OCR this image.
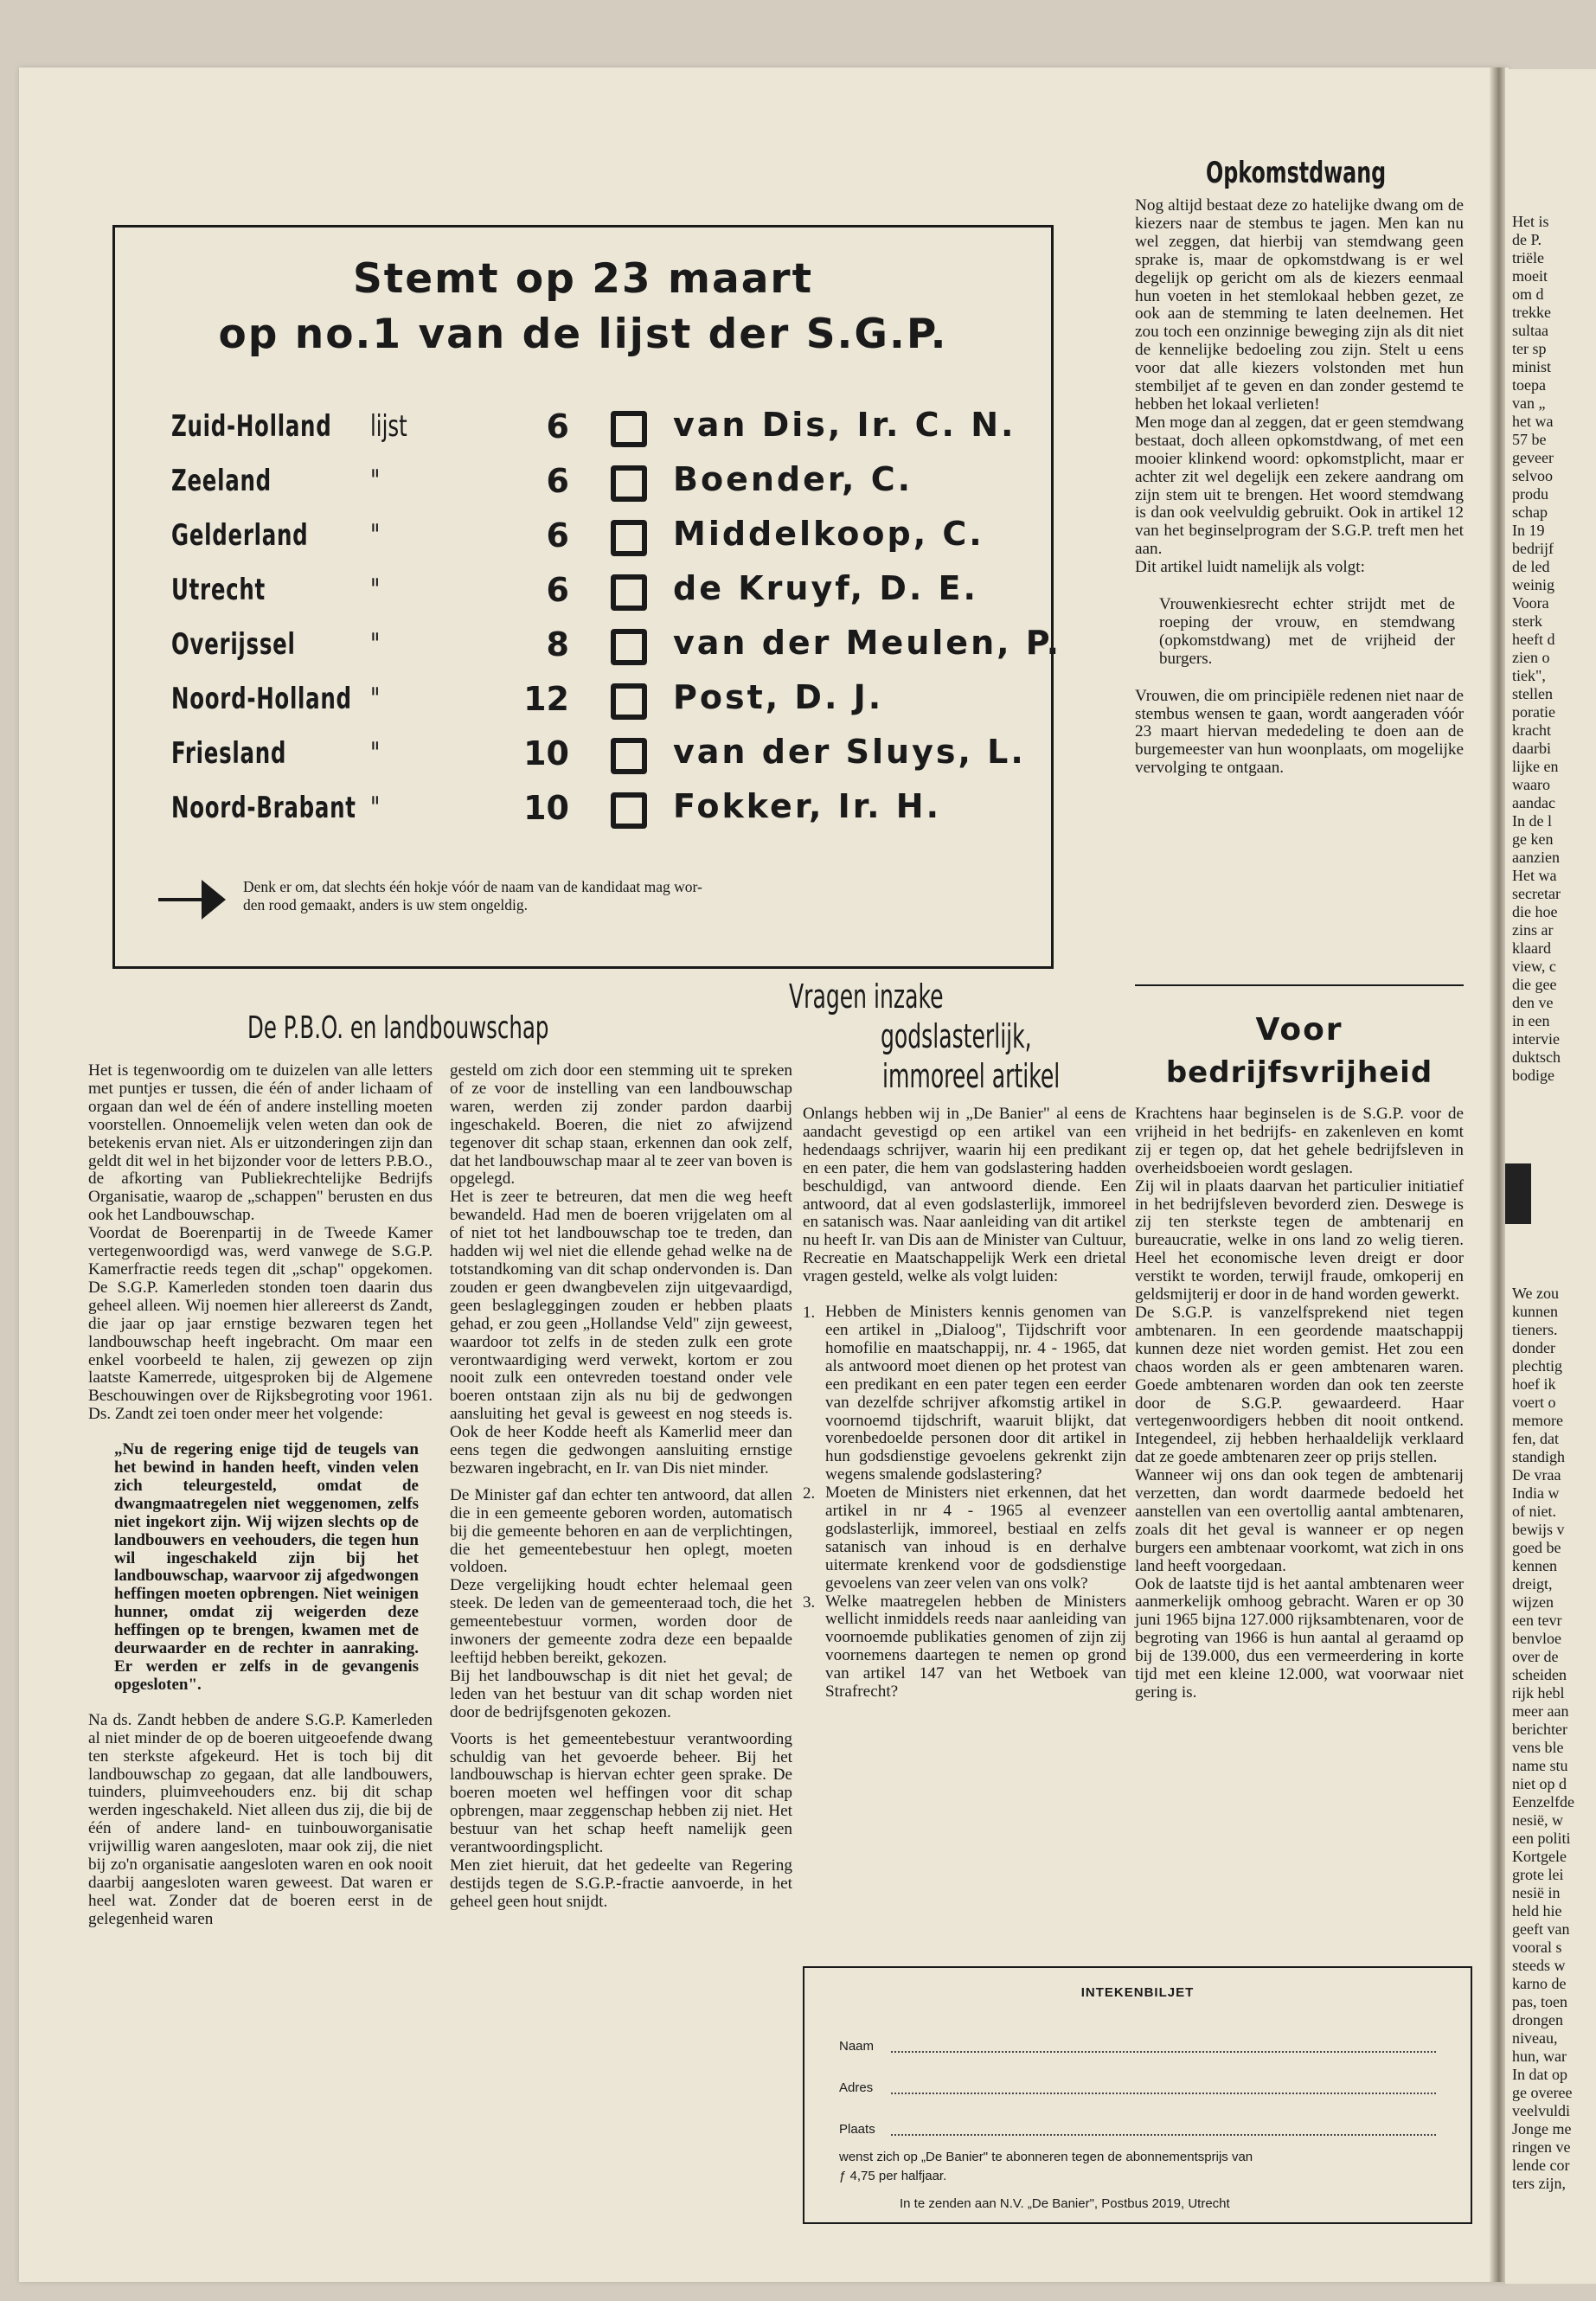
Stemt op 23 maart
op no.1 van de lijst der S.G.P.
Zuid-Holland lijst	6	van Dis, Ir. C. N.
Zeeland	"	6	Boender, C.
Gelderland "	6	Middelkoop, C.
Utrecht	"	6	de Kruyf, D. E.
Overijssel	"	8	van der Meulen, P.
Noord-Holland "	12	Post, D. J.
Friesland	"	10	van der Sluys, L.
Noord-Brabant "	10	Fokker, Ir. H.
Denk er om, dat slechts één hokje vóór de naam van de kandidaat mag wor-
den rood gemaakt, anders is uw stem ongeldig.
Opkomstdwang

Nog altijd bestaat deze zo hatelijke dwang om de kiezers naar de stembus te jagen. Men kan nu wel zeggen, dat hierbij van stemdwang geen sprake is, maar de opkomstdwang is er wel degelijk op gericht om als de kiezers eenmaal hun voeten in het stemlokaal hebben gezet, ze ook aan de stemming te laten deelnemen. Het zou toch een onzinnige beweging zijn als dit niet de kennelijke bedoeling zou zijn. Stelt u eens voor dat alle kiezers volstonden met hun stembiljet af te geven en dan zonder gestemd te hebben het lokaal verlieten!

Men moge dan al zeggen, dat er geen stemdwang bestaat, doch alleen opkomstdwang, of met een mooier klinkend woord: opkomstplicht, maar er achter zit wel degelijk een zekere aandrang om zijn stem uit te brengen. Het woord stemdwang is dan ook veelvuldig gebruikt. Ook in artikel 12 van het beginselprogram der S.G.P. treft men het aan.

Dit artikel luidt namelijk als volgt:

Vrouwenkiesrecht echter strijdt met de roeping der vrouw, en stemdwang (opkomstdwang) met de vrijheid der burgers.

Vrouwen, die om principiële redenen niet naar de stembus wensen te gaan, wordt aangeraden vóór 23 maart hiervan mededeling te doen aan de burgemeester van hun woonplaats, om mogelijke vervolging te ontgaan.

De P.B.O. en landbouwschap

Het is tegenwoordig om te duizelen van alle letters met puntjes er tussen, die één of ander lichaam of orgaan dan wel de één of andere instelling moeten voorstellen. Onnoemelijk velen weten dan ook de betekenis ervan niet. Als er uitzonderingen zijn dan geldt dit wel in het bijzonder voor de letters P.B.O., de afkorting van Publiekrechtelijke Bedrijfs Organisatie, waarop de „schappen" berusten en dus ook het Landbouwschap.

Voordat de Boerenpartij in de Tweede Kamer vertegenwoordigd was, werd vanwege de S.G.P. Kamerfractie reeds tegen dit „schap" opgekomen. De S.G.P. Kamerleden stonden toen daarin dus geheel alleen. Wij noemen hier allereerst ds Zandt, die jaar op jaar ernstige bezwaren tegen het landbouwschap heeft ingebracht. Om maar een enkel voorbeeld te halen, zij gewezen op zijn laatste Kamerrede, uitgesproken bij de Algemene Beschouwingen over de Rijksbegroting voor 1961. Ds. Zandt zei toen onder meer het volgende:

„Nu de regering enige tijd de teugels van het bewind in handen heeft, vinden velen zich teleurgesteld, omdat de dwangmaatregelen niet weggenomen, zelfs niet ingekort zijn. Wij wijzen slechts op de landbouwers en veehouders, die tegen hun wil ingeschakeld zijn bij het landbouwschap, waarvoor zij afgedwongen heffingen moeten opbrengen. Niet weinigen hunner, omdat zij weigerden deze heffingen op te brengen, kwamen met de deurwaarder en de rechter in aanraking. Er werden er zelfs in de gevangenis opgesloten".

Na ds. Zandt hebben de andere S.G.P. Kamerleden al niet minder de op de boeren uitgeoefende dwang ten sterkste afgekeurd. Het is toch bij dit landbouwschap zo gegaan, dat alle landbouwers, tuinders, pluimveehouders enz. bij dit schap werden ingeschakeld. Niet alleen dus zij, die bij de één of andere land- en tuinbouworganisatie vrijwillig waren aangesloten, maar ook zij, die niet bij zo'n organisatie aangesloten waren en ook nooit daarbij aangesloten waren geweest. Dat waren er heel wat. Zonder dat de boeren eerst in de gelegenheid waren

gesteld om zich door een stemming uit te spreken of ze voor de instelling van een landbouwschap waren, werden zij zonder pardon daarbij ingeschakeld. Boeren, die niet zo afwijzend tegenover dit schap staan, erkennen dan ook zelf, dat het landbouwschap maar al te zeer van boven is opgelegd.

Het is zeer te betreuren, dat men die weg heeft bewandeld. Had men de boeren vrijgelaten om al of niet tot het landbouwschap toe te treden, dan hadden wij wel niet die ellende gehad welke na de totstandkoming van dit schap ondervonden is. Dan zouden er geen dwangbevelen zijn uitgevaardigd, geen beslagleggingen zouden er hebben plaats gehad, er zou geen „Hollandse Veld" zijn geweest, waardoor tot zelfs in de steden zulk een grote verontwaardiging werd verwekt, kortom er zou nooit zulk een ontevreden toestand onder vele boeren ontstaan zijn als nu bij de gedwongen aansluiting het geval is geweest en nog steeds is. Ook de heer Kodde heeft als Kamerlid meer dan eens tegen die gedwongen aansluiting ernstige bezwaren ingebracht, en Ir. van Dis niet minder.

De Minister gaf dan echter ten antwoord, dat allen die in een gemeente geboren worden, automatisch bij die gemeente behoren en aan de verplichtingen, die het gemeentebestuur hen oplegt, moeten voldoen.

Deze vergelijking houdt echter helemaal geen steek. De leden van de gemeenteraad toch, die het gemeentebestuur vormen, worden door de inwoners der gemeente zodra deze een bepaalde leeftijd hebben bereikt, gekozen.

Bij het landbouwschap is dit niet het geval; de leden van het bestuur van dit schap worden niet door de bedrijfsgenoten gekozen.

Voorts is het gemeentebestuur verantwoording schuldig van het gevoerde beheer. Bij het landbouwschap is hiervan echter geen sprake. De boeren moeten wel heffingen voor dit schap opbrengen, maar zeggenschap hebben zij niet. Het bestuur van het schap heeft namelijk geen verantwoordingsplicht.

Men ziet hieruit, dat het gedeelte van Regering destijds tegen de S.G.P.-fractie aanvoerde, in het geheel geen hout snijdt.

Vragen inzake
godslasterlijk,
immoreel artikel

Onlangs hebben wij in „De Banier" al eens de aandacht gevestigd op een artikel van een hedendaags schrijver, waarin hij een predikant en een pater, die hem van godslastering hadden beschuldigd, van antwoord diende. Een antwoord, dat al even godslasterlijk, immoreel en satanisch was. Naar aanleiding van dit artikel nu heeft Ir. van Dis aan de Minister van Cultuur, Recreatie en Maatschappelijk Werk een drietal vragen gesteld, welke als volgt luiden:

1. Hebben de Ministers kennis genomen van een artikel in „Dialoog", Tijdschrift voor homofilie en maatschappij, nr. 4 - 1965, dat als antwoord moet dienen op het protest van een predikant en een pater tegen een eerder van dezelfde schrijver afkomstig artikel in voornoemd tijdschrift, waaruit blijkt, dat vorenbedoelde personen door dit artikel in hun godsdienstige gevoelens gekrenkt zijn wegens smalende godslastering?

2. Moeten de Ministers niet erkennen, dat het artikel in nr 4 - 1965 al evenzeer godslasterlijk, immoreel, bestiaal en zelfs satanisch van inhoud is en derhalve uitermate krenkend voor de godsdienstige gevoelens van zeer velen van ons volk?

3. Welke maatregelen hebben de Ministers wellicht inmiddels reeds naar aanleiding van voornoemde publikaties genomen of zijn zij voornemens daartegen te nemen op grond van artikel 147 van het Wetboek van Strafrecht?

Voor
bedrijfsvrijheid

Krachtens haar beginselen is de S.G.P. voor de vrijheid in het bedrijfs- en zakenleven en komt zij er tegen op, dat het gehele bedrijfsleven in overheidsboeien wordt geslagen.

Zij wil in plaats daarvan het particulier initiatief in het bedrijfsleven bevorderd zien. Deswege is zij ten sterkste tegen de ambtenarij en bureaucratie, welke in ons land zo welig tieren. Heel het economische leven dreigt er door verstikt te worden, terwijl fraude, omkoperij en geldsmijterij er door in de hand worden gewerkt.

De S.G.P. is vanzelfsprekend niet tegen ambtenaren. In een geordende maatschappij kunnen deze niet worden gemist. Het zou een chaos worden als er geen ambtenaren waren. Goede ambtenaren worden dan ook ten zeerste door de S.G.P. gewaardeerd. Haar vertegenwoordigers hebben dit nooit ontkend. Integendeel, zij hebben herhaaldelijk verklaard dat ze goede ambtenaren zeer op prijs stellen.

Wanneer wij ons dan ook tegen de ambtenarij verzetten, dan wordt daarmede bedoeld het aanstellen van een overtollig aantal ambtenaren, zoals dit het geval is wanneer er op negen burgers een ambtenaar voorkomt, wat zich in ons land heeft voorgedaan.

Ook de laatste tijd is het aantal ambtenaren weer aanmerkelijk omhoog gebracht. Waren er op 30 juni 1965 bijna 127.000 rijksambtenaren, voor de begroting van 1966 is hun aantal al geraamd op bij de 139.000, dus een vermeerdering in korte tijd met een kleine 12.000, wat voorwaar niet gering is.

INTEKENBILJET
Naam
Adres
Plaats
wenst zich op „De Banier" te abonneren tegen de abonnementsprijs van
ƒ 4,75 per halfjaar.
In te zenden aan N.V. „De Banier", Postbus 2019, Utrecht

Het is

de P.

triële

moeit

om d

trekke

sultaa

ter sp

minist

toepa

van „

het wa

57 be

geveer

selvoo

produ

schap

In 19

bedrijf

de led

weinig

Voora

sterk

heeft d

zien o

tiek",

stellen

poratie

kracht

daarbi

lijke en

waaro

aandac

In de l

ge ken

aanzien

Het wa

secretar

die hoe

zins ar

klaard

view, c

die gee

den ve

in een

intervie

duktsch

bodige

We zou

kunnen

tieners.

donder

plechtig

hoef ik

voert o

memore

fen, dat

standigh

De vraa

India w

of niet.

bewijs v

goed be

kennen

dreigt,

wijzen

een tevr

benvloe

over de

scheiden

rijk hebl

meer aan

berichter

vens ble

name stu

niet op d

Eenzelfde

nesië, w

een politi

Kortgele

grote lei

nesië in

held hie

geeft van

vooral s

steeds w

karno de

pas, toen

drongen

niveau,

hun, war

In dat op

ge overee

veelvuldi

Jonge me

ringen ve

lende cor

ters zijn,
